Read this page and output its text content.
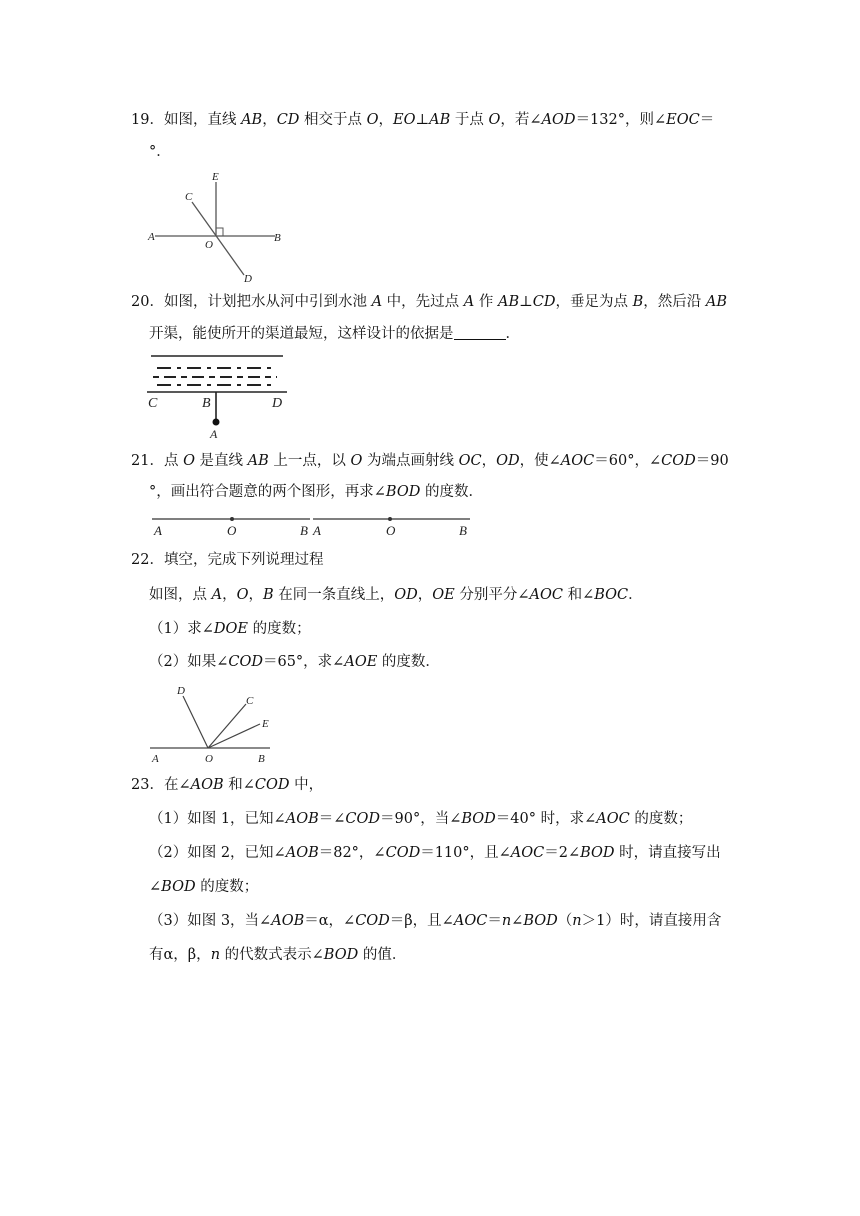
19．如图，直线 AB，CD 相交于点 O，EO⊥AB 于点 O，若∠AOD＝132°，则∠EOC＝
°．
E
C
A
O
B
D
20．如图，计划把水从河中引到水池 A 中，先过点 A 作 AB⊥CD，垂足为点 B，然后沿 AB
开渠，能使所开的渠道最短，这样设计的依据是	．
C	B	D
A
21．点 O 是直线 AB 上一点，以 O 为端点画射线 OC，OD，使∠AOC＝60°，∠COD＝90
°，画出符合题意的两个图形，再求∠BOD 的度数．
A	O	B A	O	B
22．填空，完成下列说理过程
如图，点 A，O，B 在同一条直线上，OD，OE 分别平分∠AOC 和∠BOC．
（1）求∠DOE 的度数；
（2）如果∠COD＝65°，求∠AOE 的度数．
D
C
E
A	O	B
23．在∠AOB 和∠COD 中，
（1）如图 1，已知∠AOB＝∠COD＝90°，当∠BOD＝40° 时，求∠AOC 的度数；
（2）如图 2，已知∠AOB＝82°，∠COD＝110°，且∠AOC＝2∠BOD 时，请直接写出
∠BOD 的度数；
（3）如图 3，当∠AOB＝α，∠COD＝β，且∠AOC＝n∠BOD（n＞1）时，请直接用含
有α，β，n 的代数式表示∠BOD 的值．
